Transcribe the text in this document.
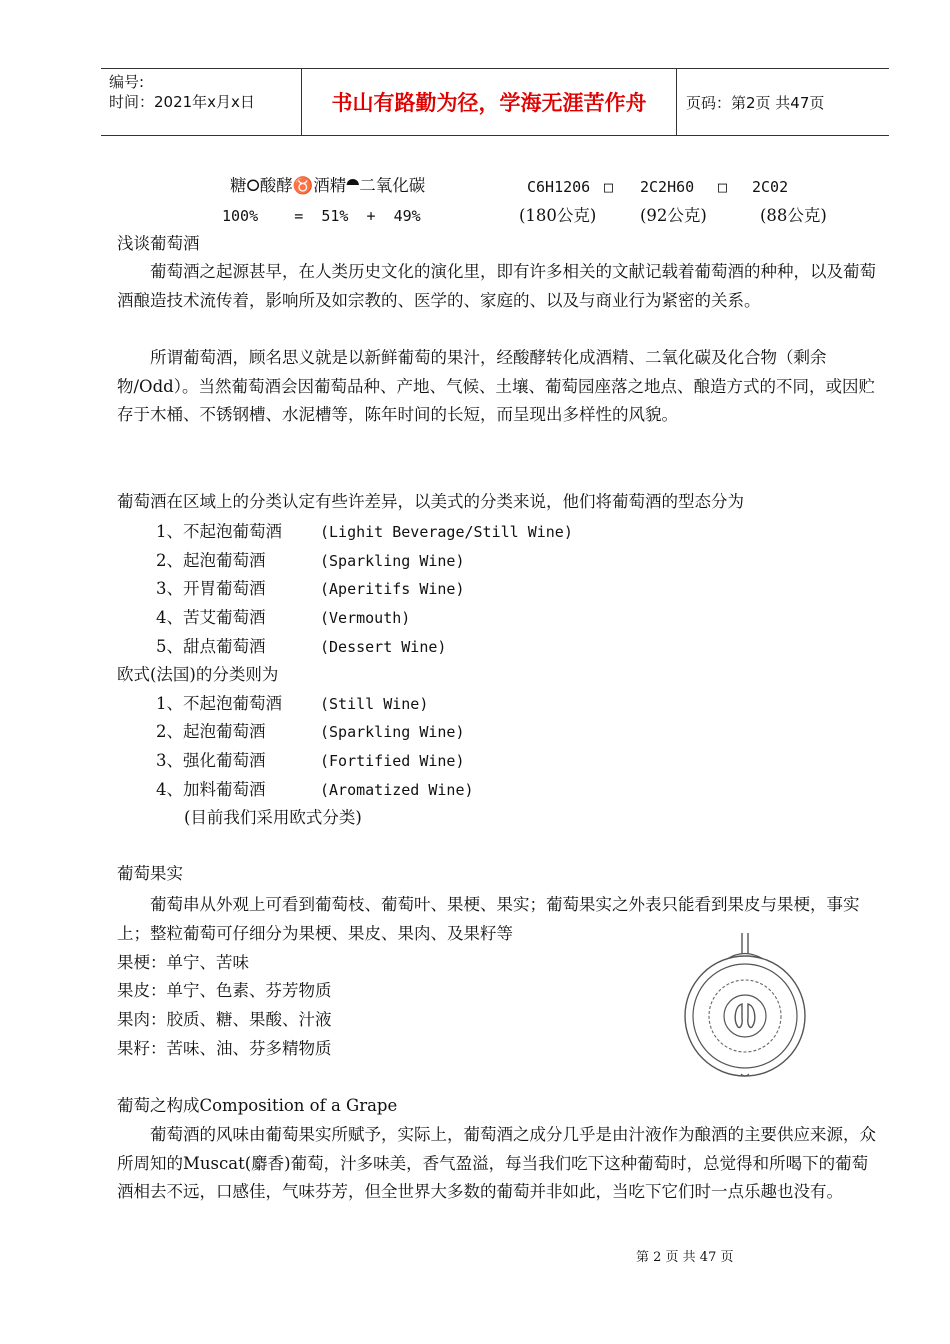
编号:
时间：2021年x月x日	书山有路勤为径，学海无涯苦作舟	页码：第2页 共47页
糖⭘酸酵♉酒精⯊二氧化碳	C6H1206 □ 2C2H60 □ 2C02
100%    =  51%  +  49%	(180公克)	(92公克)	(88公克)
浅谈葡萄酒

葡萄酒之起源甚早，在人类历史文化的演化里，即有许多相关的文献记载着葡萄酒的种种，以及葡萄酒酿造技术流传着，影响所及如宗教的、医学的、家庭的、以及与商业行为紧密的关系。

所谓葡萄酒，顾名思义就是以新鲜葡萄的果汁，经酸酵转化成酒精、二氧化碳及化合物（剩余物/Odd）。当然葡萄酒会因葡萄品种、产地、气候、土壤、葡萄园座落之地点、酿造方式的不同，或因贮存于木桶、不锈钢槽、水泥槽等，陈年时间的长短，而呈现出多样性的风貌。

葡萄酒在区域上的分类认定有些许差异，以美式的分类来说，他们将葡萄酒的型态分为
1、不起泡葡萄酒	(Lighit Beverage/Still Wine)
2、起泡葡萄酒	(Sparkling Wine)
3、开胃葡萄酒	(Aperitifs Wine)
4、苦艾葡萄酒	(Vermouth)
5、甜点葡萄酒	(Dessert Wine)
欧式(法国)的分类则为
1、不起泡葡萄酒	(Still Wine)
2、起泡葡萄酒	(Sparkling Wine)
3、强化葡萄酒	(Fortified Wine)
4、加料葡萄酒	(Aromatized Wine)
(目前我们采用欧式分类)
葡萄果实

葡萄串从外观上可看到葡萄枝、葡萄叶、果梗、果实；葡萄果实之外表只能看到果皮与果梗，事实上；整粒葡萄可仔细分为果梗、果皮、果肉、及果籽等

果梗：单宁、苦味
果皮：单宁、色素、芬芳物质
果肉：胶质、糖、果酸、汁液
果籽：苦味、油、芬多精物质
葡萄之构成Composition of a Grape

葡萄酒的风味由葡萄果实所赋予，实际上，葡萄酒之成分几乎是由汁液作为酿酒的主要供应来源，众所周知的Muscat(麝香)葡萄，汁多味美，香气盈溢，每当我们吃下这种葡萄时，总觉得和所喝下的葡萄酒相去不远，口感佳，气味芬芳，但全世界大多数的葡萄并非如此，当吃下它们时一点乐趣也没有。

第 2 页 共 47 页
